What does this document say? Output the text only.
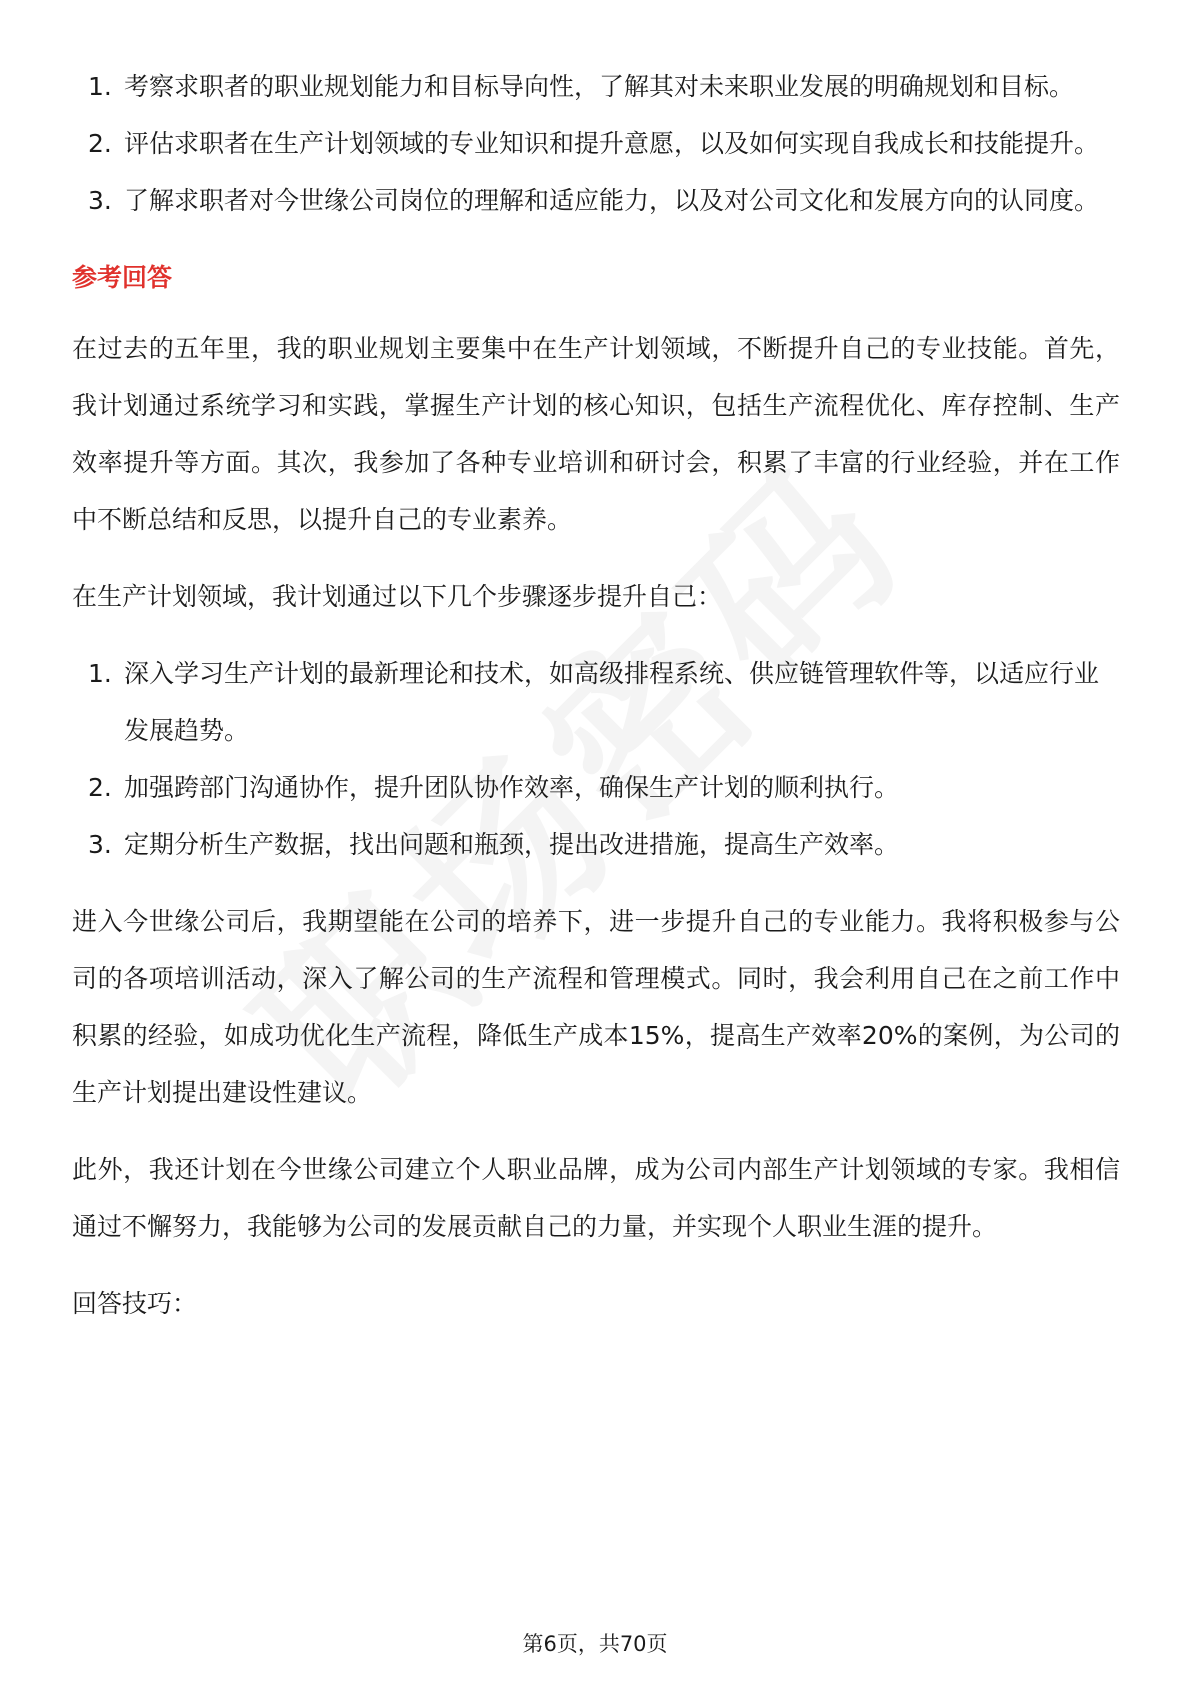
1. 考察求职者的职业规划能力和目标导向性，了解其对未来职业发展的明确规划和目标。
2. 评估求职者在生产计划领域的专业知识和提升意愿，以及如何实现自我成长和技能提升。
3. 了解求职者对今世缘公司岗位的理解和适应能力，以及对公司文化和发展方向的认同度。
参考回答

在过去的五年里，我的职业规划主要集中在生产计划领域，不断提升自己的专业技能。首先，我计划通过系统学习和实践，掌握生产计划的核心知识，包括生产流程优化、库存控制、生产效率提升等方面。其次，我参加了各种专业培训和研讨会，积累了丰富的行业经验，并在工作中不断总结和反思，以提升自己的专业素养。

在生产计划领域，我计划通过以下几个步骤逐步提升自己：

1. 深入学习生产计划的最新理论和技术，如高级排程系统、供应链管理软件等，以适应行业发展趋势。
2. 加强跨部门沟通协作，提升团队协作效率，确保生产计划的顺利执行。
3. 定期分析生产数据，找出问题和瓶颈，提出改进措施，提高生产效率。

进入今世缘公司后，我期望能在公司的培养下，进一步提升自己的专业能力。我将积极参与公司的各项培训活动，深入了解公司的生产流程和管理模式。同时，我会利用自己在之前工作中积累的经验，如成功优化生产流程，降低生产成本15%，提高生产效率20%的案例，为公司的生产计划提出建设性建议。

此外，我还计划在今世缘公司建立个人职业品牌，成为公司内部生产计划领域的专家。我相信通过不懈努力，我能够为公司的发展贡献自己的力量，并实现个人职业生涯的提升。

回答技巧：

第6页，共70页
